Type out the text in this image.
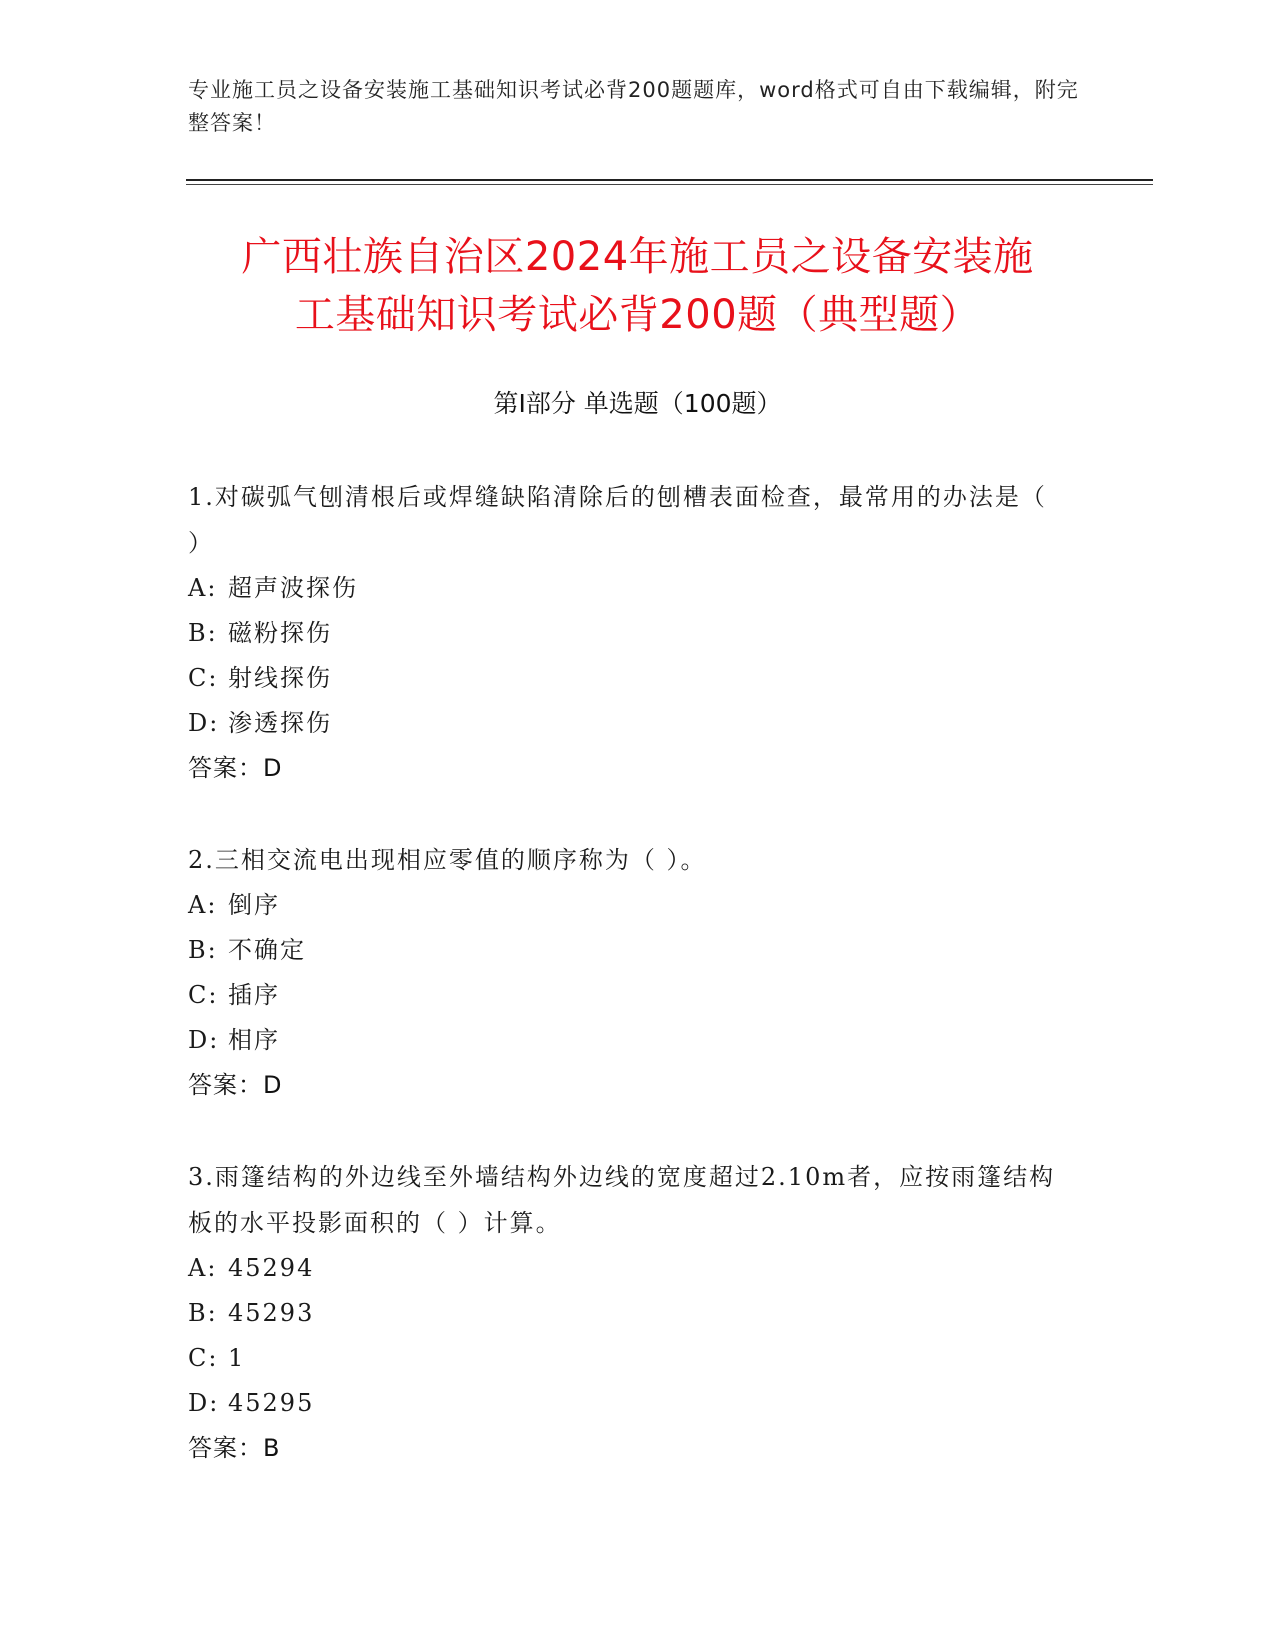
专业施工员之设备安装施工基础知识考试必背200题题库，word格式可自由下载编辑，附完整答案！
广西壮族自治区2024年施工员之设备安装施
工基础知识考试必背200题（典型题）
第Ⅰ部分 单选题（100题）
1.对碳弧气刨清根后或焊缝缺陷清除后的刨槽表面检查，最常用的办法是（ ）
A: 超声波探伤
B: 磁粉探伤
C: 射线探伤
D: 渗透探伤
答案：D
2.三相交流电出现相应零值的顺序称为（ ）。
A: 倒序
B: 不确定
C: 插序
D: 相序
答案：D
3.雨篷结构的外边线至外墙结构外边线的宽度超过2.10m者，应按雨篷结构板的水平投影面积的（ ）计算。
A: 45294
B: 45293
C: 1
D: 45295
答案：B
